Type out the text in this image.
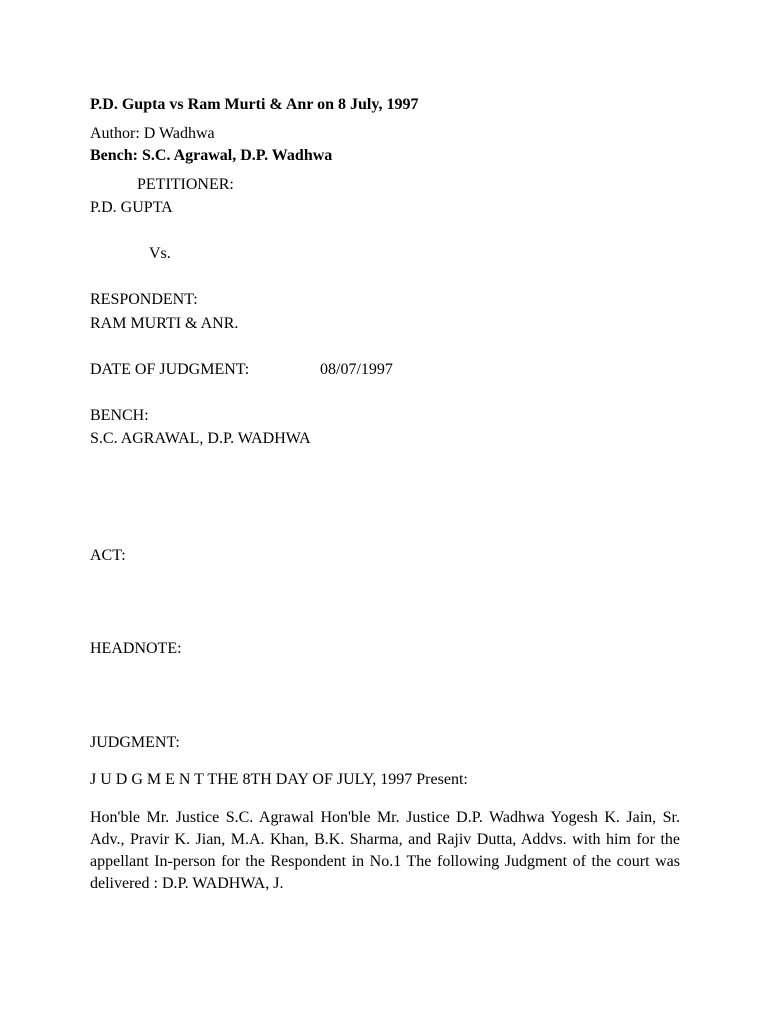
P.D. Gupta vs Ram Murti & Anr on 8 July, 1997
Author: D Wadhwa
Bench: S.C. Agrawal, D.P. Wadhwa
PETITIONER:
P.D. GUPTA
Vs.
RESPONDENT:
RAM MURTI & ANR.
DATE OF JUDGMENT:	08/07/1997
BENCH:
S.C. AGRAWAL, D.P. WADHWA
ACT:
HEADNOTE:
JUDGMENT:
J U D G M E N T THE 8TH DAY OF JULY, 1997 Present:
Hon'ble Mr. Justice S.C. Agrawal Hon'ble Mr. Justice D.P. Wadhwa Yogesh K. Jain, Sr. Adv., Pravir K. Jian, M.A. Khan, B.K. Sharma, and Rajiv Dutta, Addvs. with him for the appellant In-person for the Respondent in No.1 The following Judgment of the court was delivered : D.P. WADHWA, J.
